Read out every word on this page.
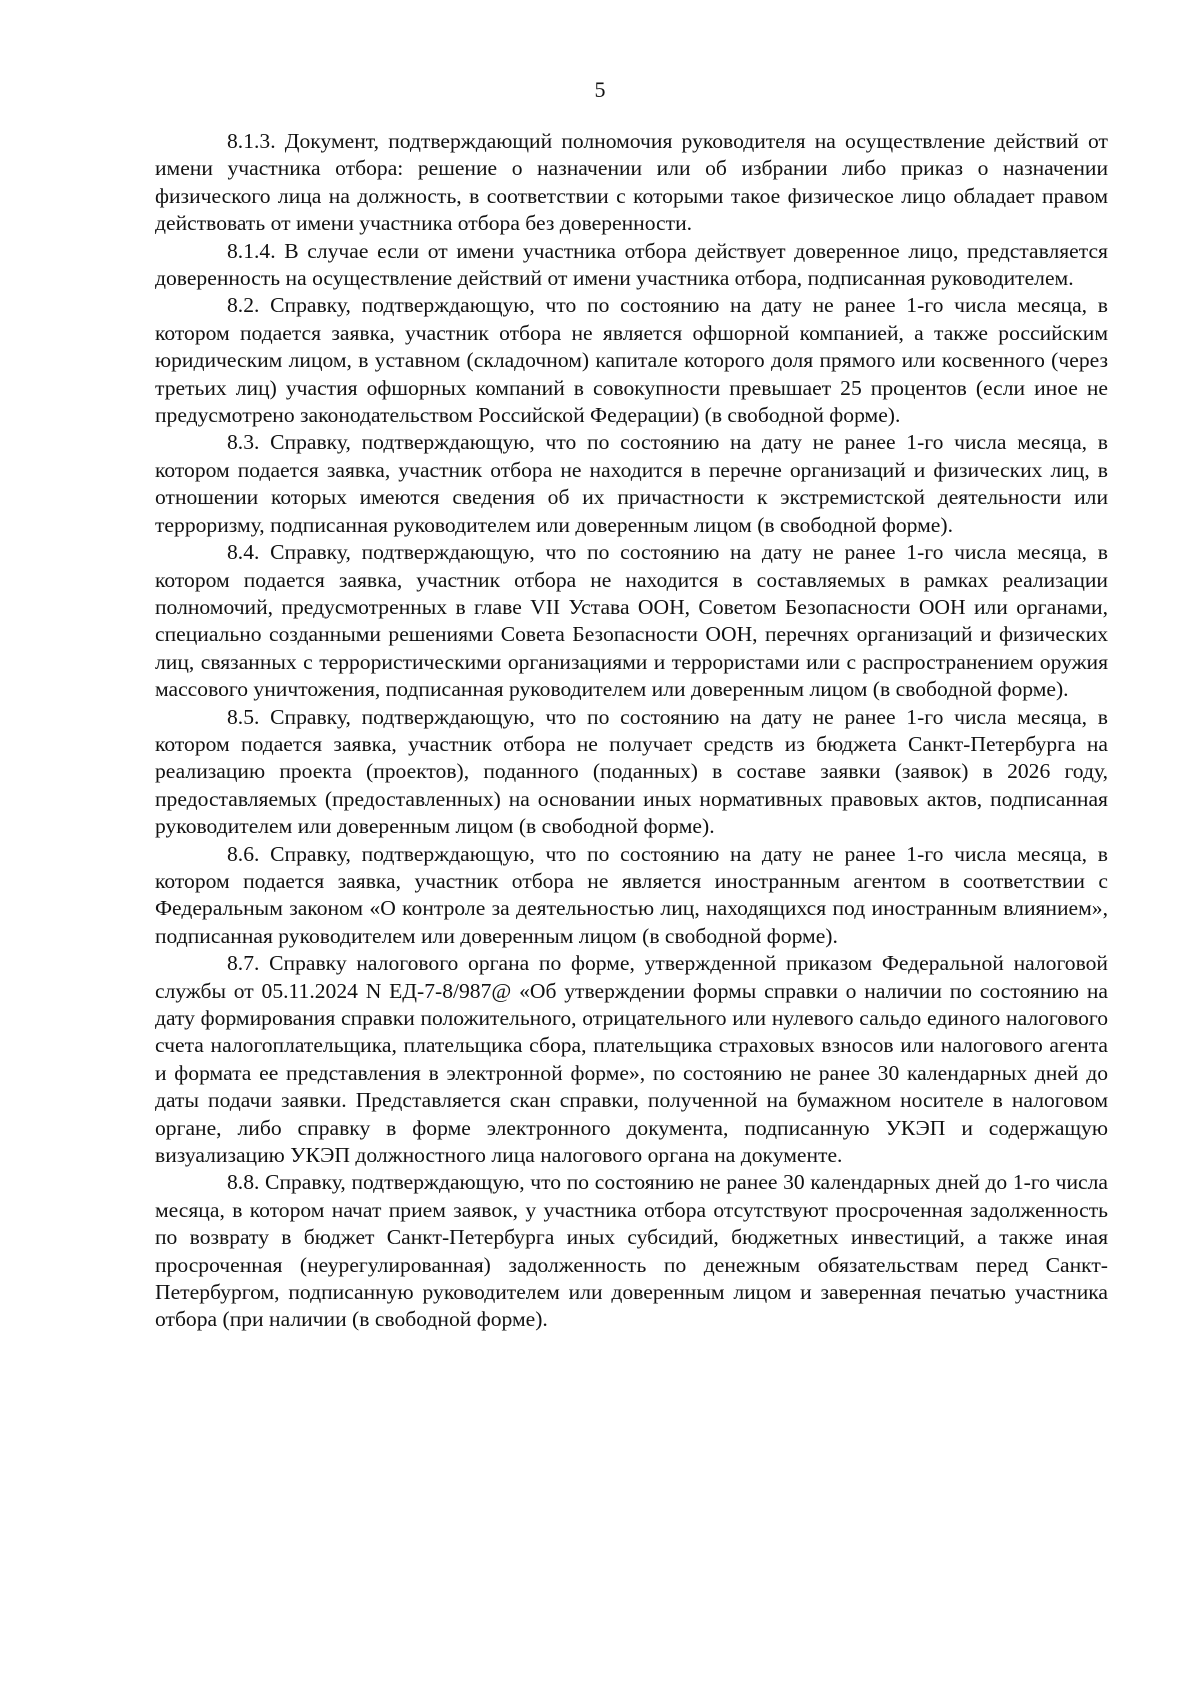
5

8.1.3. Документ, подтверждающий полномочия руководителя на осуществление действий от имени участника отбора: решение о назначении или об избрании либо приказ о назначении физического лица на должность, в соответствии с которыми такое физическое лицо обладает правом действовать от имени участника отбора без доверенности.

8.1.4. В случае если от имени участника отбора действует доверенное лицо, представляется доверенность на осуществление действий от имени участника отбора, подписанная руководителем.

8.2. Справку, подтверждающую, что по состоянию на дату не ранее 1-го числа месяца, в котором подается заявка, участник отбора не является офшорной компанией, а также российским юридическим лицом, в уставном (складочном) капитале которого доля прямого или косвенного (через третьих лиц) участия офшорных компаний в совокупности превышает 25 процентов (если иное не предусмотрено законодательством Российской Федерации) (в свободной форме).

8.3. Справку, подтверждающую, что по состоянию на дату не ранее 1-го числа месяца, в котором подается заявка, участник отбора не находится в перечне организаций и физических лиц, в отношении которых имеются сведения об их причастности к экстремистской деятельности или терроризму, подписанная руководителем или доверенным лицом (в свободной форме).

8.4. Справку, подтверждающую, что по состоянию на дату не ранее 1-го числа месяца, в котором подается заявка, участник отбора не находится в составляемых в рамках реализации полномочий, предусмотренных в главе VII Устава ООН, Советом Безопасности ООН или органами, специально созданными решениями Совета Безопасности ООН, перечнях организаций и физических лиц, связанных с террористическими организациями и террористами или с распространением оружия массового уничтожения, подписанная руководителем или доверенным лицом (в свободной форме).

8.5. Справку, подтверждающую, что по состоянию на дату не ранее 1-го числа месяца, в котором подается заявка, участник отбора не получает средств из бюджета Санкт-Петербурга на реализацию проекта (проектов), поданного (поданных) в составе заявки (заявок) в 2026 году, предоставляемых (предоставленных) на основании иных нормативных правовых актов, подписанная руководителем или доверенным лицом (в свободной форме).

8.6. Справку, подтверждающую, что по состоянию на дату не ранее 1-го числа месяца, в котором подается заявка, участник отбора не является иностранным агентом в соответствии с Федеральным законом «О контроле за деятельностью лиц, находящихся под иностранным влиянием», подписанная руководителем или доверенным лицом (в свободной форме).

8.7. Справку налогового органа по форме, утвержденной приказом Федеральной налоговой службы от 05.11.2024 N ЕД-7-8/987@ «Об утверждении формы справки о наличии по состоянию на дату формирования справки положительного, отрицательного или нулевого сальдо единого налогового счета налогоплательщика, плательщика сбора, плательщика страховых взносов или налогового агента и формата ее представления в электронной форме», по состоянию не ранее 30 календарных дней до даты подачи заявки. Представляется скан справки, полученной на бумажном носителе в налоговом органе, либо справку в форме электронного документа, подписанную УКЭП и содержащую визуализацию УКЭП должностного лица налогового органа на документе.

8.8. Справку, подтверждающую, что по состоянию не ранее 30 календарных дней до 1-го числа месяца, в котором начат прием заявок, у участника отбора отсутствуют просроченная задолженность по возврату в бюджет Санкт-Петербурга иных субсидий, бюджетных инвестиций, а также иная просроченная (неурегулированная) задолженность по денежным обязательствам перед Санкт-Петербургом, подписанную руководителем или доверенным лицом и заверенная печатью участника отбора (при наличии (в свободной форме).
